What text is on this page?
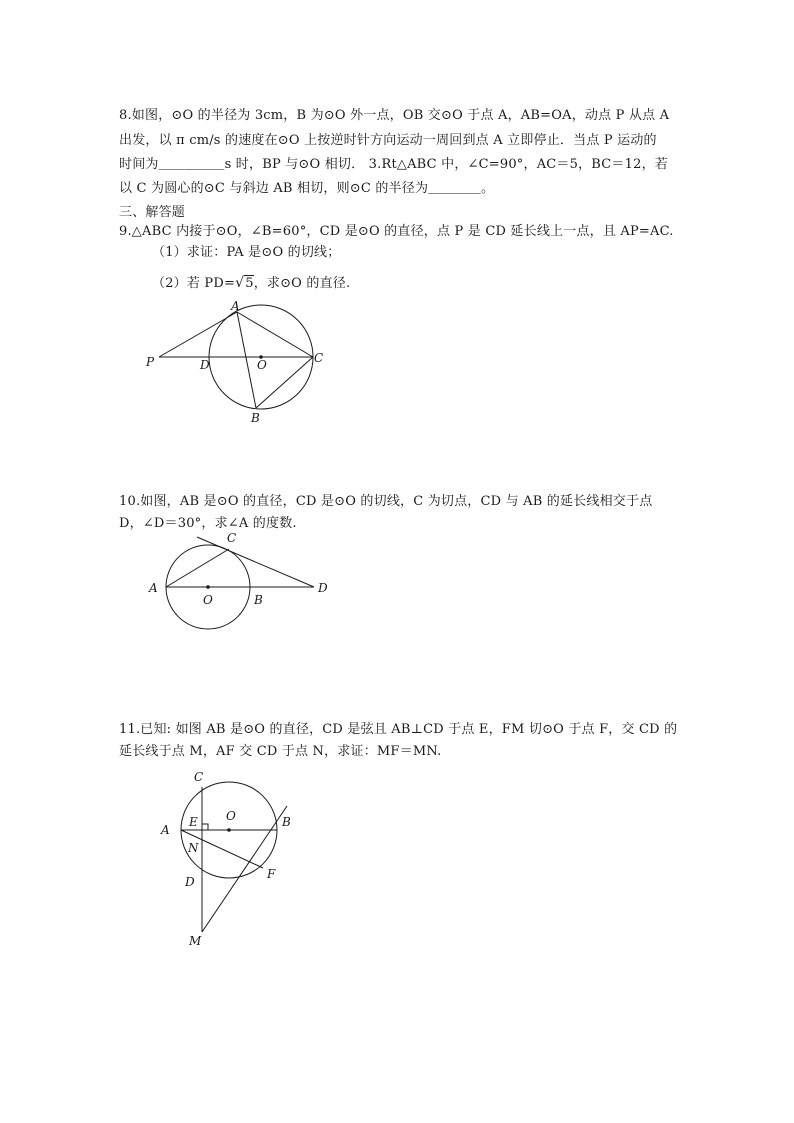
8.如图，⊙O 的半径为 3cm，B 为⊙O 外一点，OB 交⊙O 于点 A，AB=OA，动点 P 从点 A
出发，以 π cm/s 的速度在⊙O 上按逆时针方向运动一周回到点 A 立即停止．当点 P 运动的
时间为＿＿＿＿＿s 时，BP 与⊙O 相切． 3.Rt△ABC 中，∠C=90°，AC＝5，BC＝12，若
以 C 为圆心的⊙C 与斜边 AB 相切，则⊙C 的半径为＿＿＿＿。
三、解答题
9.△ABC 内接于⊙O，∠B=60°，CD 是⊙O 的直径，点 P 是 CD 延长线上一点，且 AP=AC.
（1）求证：PA 是⊙O 的切线；
（2）若 PD=√5，求⊙O 的直径.
A
P	D	O	C
B
C
A
O	B
D
C
O
A
E	B
N
D
F
M
10.如图，AB 是⊙O 的直径，CD 是⊙O 的切线，C 为切点，CD 与 AB 的延长线相交于点
D，∠D＝30°，求∠A 的度数.
11.已知: 如图 AB 是⊙O 的直径，CD 是弦且 AB⊥CD 于点 E，FM 切⊙O 于点 F，交 CD 的
延长线于点 M，AF 交 CD 于点 N，求证：MF＝MN.
